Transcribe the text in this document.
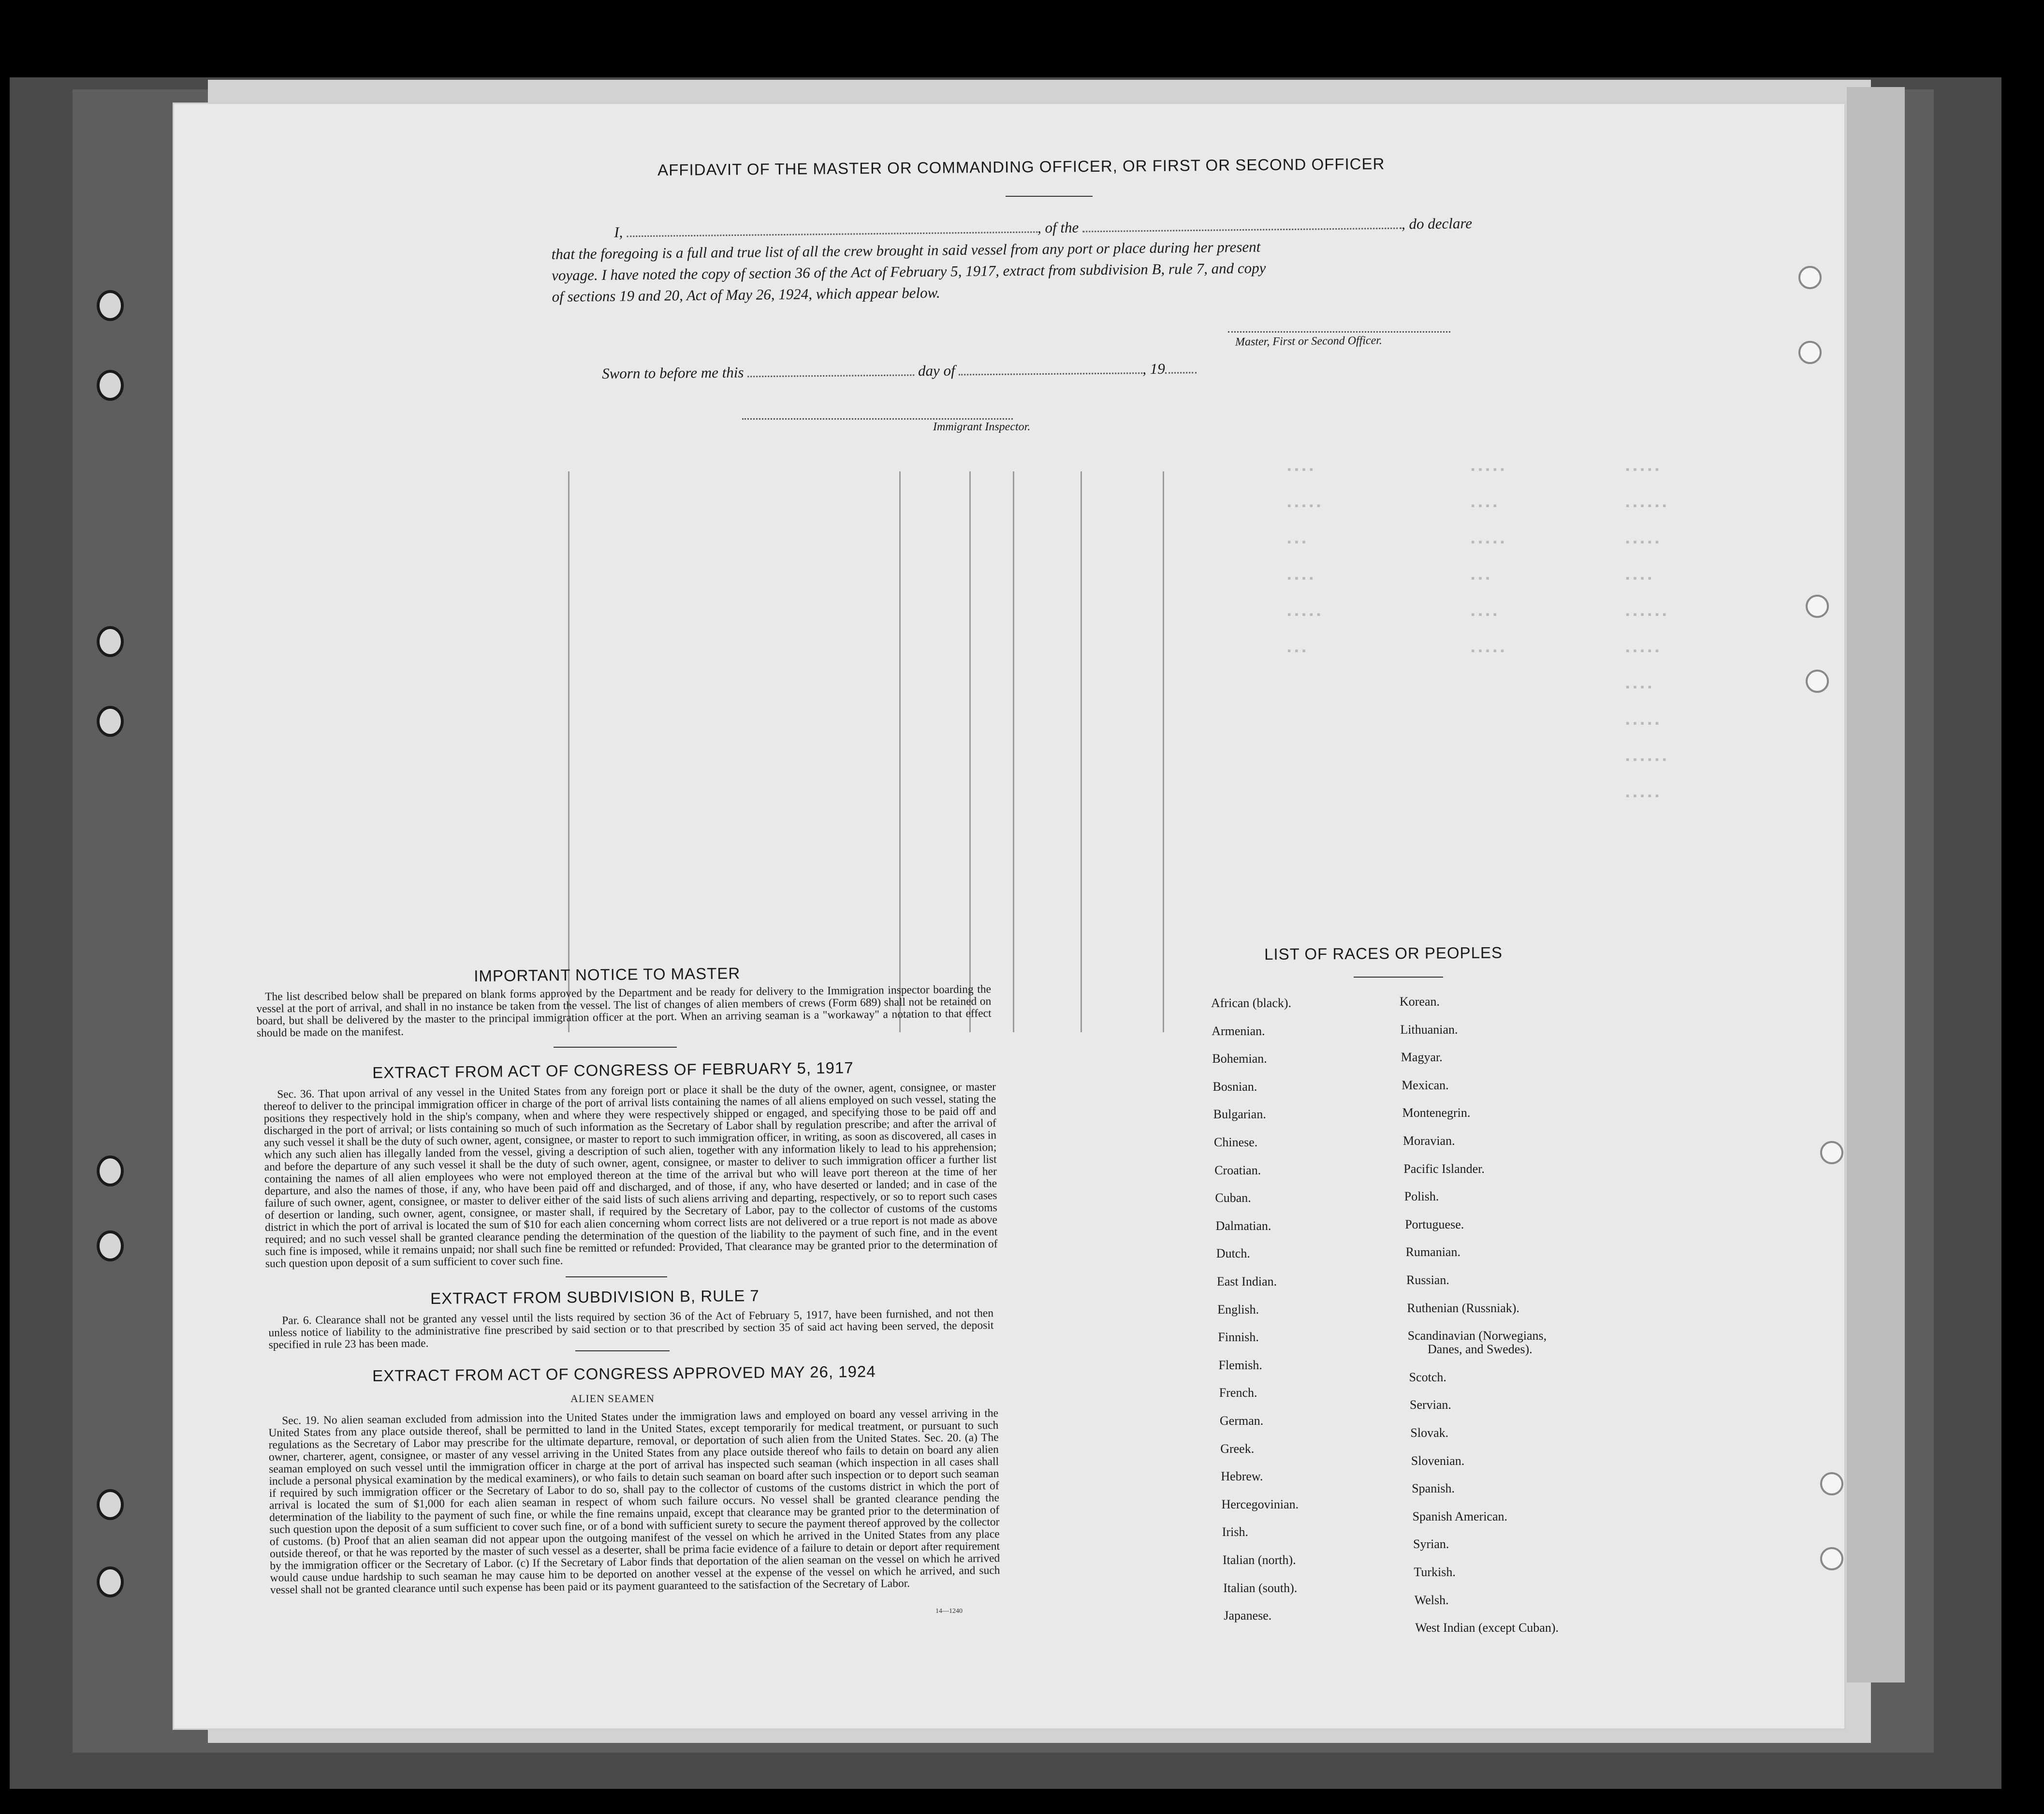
▪▪▪▪
▪▪▪▪▪
▪▪▪
▪▪▪▪
▪▪▪▪▪
▪▪▪
▪▪▪▪▪
▪▪▪▪
▪▪▪▪▪
▪▪▪
▪▪▪▪
▪▪▪▪▪
▪▪▪▪▪
▪▪▪▪▪▪
▪▪▪▪▪
▪▪▪▪
▪▪▪▪▪▪
▪▪▪▪▪
▪▪▪▪
▪▪▪▪▪
▪▪▪▪▪▪
▪▪▪▪▪
AFFIDAVIT OF THE MASTER OR COMMANDING OFFICER, OR FIRST OR SECOND OFFICER
I,	, of the	, do declare
that the foregoing is a full and true list of all the crew brought in said vessel from any port or place during her present
voyage. I have noted the copy of section 36 of the Act of February 5, 1917, extract from subdivision B, rule 7, and copy
of sections 19 and 20, Act of May 26, 1924, which appear below.
Master, First or Second Officer.
Sworn to before me this	day of	, 19
Immigrant Inspector.
IMPORTANT NOTICE TO MASTER
The list described below shall be prepared on blank forms approved by the Department and be ready for delivery to the Immigration inspector boarding the vessel at the port of arrival, and shall in no instance be taken from the vessel. The list of changes of alien members of crews (Form 689) shall not be retained on board, but shall be delivered by the master to the principal immigration officer at the port. When an arriving seaman is a "workaway" a notation to that effect should be made on the manifest.
EXTRACT FROM ACT OF CONGRESS OF FEBRUARY 5, 1917
Sec. 36. That upon arrival of any vessel in the United States from any foreign port or place it shall be the duty of the owner, agent, consignee, or master thereof to deliver to the principal immigration officer in charge of the port of arrival lists containing the names of all aliens employed on such vessel, stating the positions they respectively hold in the ship's company, when and where they were respectively shipped or engaged, and specifying those to be paid off and discharged in the port of arrival; or lists containing so much of such information as the Secretary of Labor shall by regulation prescribe; and after the arrival of any such vessel it shall be the duty of such owner, agent, consignee, or master to report to such immigration officer, in writing, as soon as discovered, all cases in which any such alien has illegally landed from the vessel, giving a description of such alien, together with any information likely to lead to his apprehension; and before the departure of any such vessel it shall be the duty of such owner, agent, consignee, or master to deliver to such immigration officer a further list containing the names of all alien employees who were not employed thereon at the time of the arrival but who will leave port thereon at the time of her departure, and also the names of those, if any, who have been paid off and discharged, and of those, if any, who have deserted or landed; and in case of the failure of such owner, agent, consignee, or master to deliver either of the said lists of such aliens arriving and departing, respectively, or so to report such cases of desertion or landing, such owner, agent, consignee, or master shall, if required by the Secretary of Labor, pay to the collector of customs of the customs district in which the port of arrival is located the sum of $10 for each alien concerning whom correct lists are not delivered or a true report is not made as above required; and no such vessel shall be granted clearance pending the determination of the question of the liability to the payment of such fine, and in the event such fine is imposed, while it remains unpaid; nor shall such fine be remitted or refunded: Provided, That clearance may be granted prior to the determination of such question upon deposit of a sum sufficient to cover such fine.
EXTRACT FROM SUBDIVISION B, RULE 7
Par. 6. Clearance shall not be granted any vessel until the lists required by section 36 of the Act of February 5, 1917, have been furnished, and not then unless notice of liability to the administrative fine prescribed by said section or to that prescribed by section 35 of said act having been served, the deposit specified in rule 23 has been made.
EXTRACT FROM ACT OF CONGRESS APPROVED MAY 26, 1924
ALIEN SEAMEN
Sec. 19. No alien seaman excluded from admission into the United States under the immigration laws and employed on board any vessel arriving in the United States from any place outside thereof, shall be permitted to land in the United States, except temporarily for medical treatment, or pursuant to such regulations as the Secretary of Labor may prescribe for the ultimate departure, removal, or deportation of such alien from the United States. Sec. 20. (a) The owner, charterer, agent, consignee, or master of any vessel arriving in the United States from any place outside thereof who fails to detain on board any alien seaman employed on such vessel until the immigration officer in charge at the port of arrival has inspected such seaman (which inspection in all cases shall include a personal physical examination by the medical examiners), or who fails to detain such seaman on board after such inspection or to deport such seaman if required by such immigration officer or the Secretary of Labor to do so, shall pay to the collector of customs of the customs district in which the port of arrival is located the sum of $1,000 for each alien seaman in respect of whom such failure occurs. No vessel shall be granted clearance pending the determination of the liability to the payment of such fine, or while the fine remains unpaid, except that clearance may be granted prior to the determination of such question upon the deposit of a sum sufficient to cover such fine, or of a bond with sufficient surety to secure the payment thereof approved by the collector of customs. (b) Proof that an alien seaman did not appear upon the outgoing manifest of the vessel on which he arrived in the United States from any place outside thereof, or that he was reported by the master of such vessel as a deserter, shall be prima facie evidence of a failure to detain or deport after requirement by the immigration officer or the Secretary of Labor. (c) If the Secretary of Labor finds that deportation of the alien seaman on the vessel on which he arrived would cause undue hardship to such seaman he may cause him to be deported on another vessel at the expense of the vessel on which he arrived, and such vessel shall not be granted clearance until such expense has been paid or its payment guaranteed to the satisfaction of the Secretary of Labor.
14—1240
LIST OF RACES OR PEOPLES
African (black).
Armenian.
Bohemian.
Bosnian.
Bulgarian.
Chinese.
Croatian.
Cuban.
Dalmatian.
Dutch.
East Indian.
English.
Finnish.
Flemish.
French.
German.
Greek.
Hebrew.
Hercegovinian.
Irish.
Italian (north).
Italian (south).
Japanese.
Korean.
Lithuanian.
Magyar.
Mexican.
Montenegrin.
Moravian.
Pacific Islander.
Polish.
Portuguese.
Rumanian.
Russian.
Ruthenian (Russniak).
Scandinavian (Norwegians,
Danes, and Swedes).
Scotch.
Servian.
Slovak.
Slovenian.
Spanish.
Spanish American.
Syrian.
Turkish.
Welsh.
West Indian (except Cuban).
